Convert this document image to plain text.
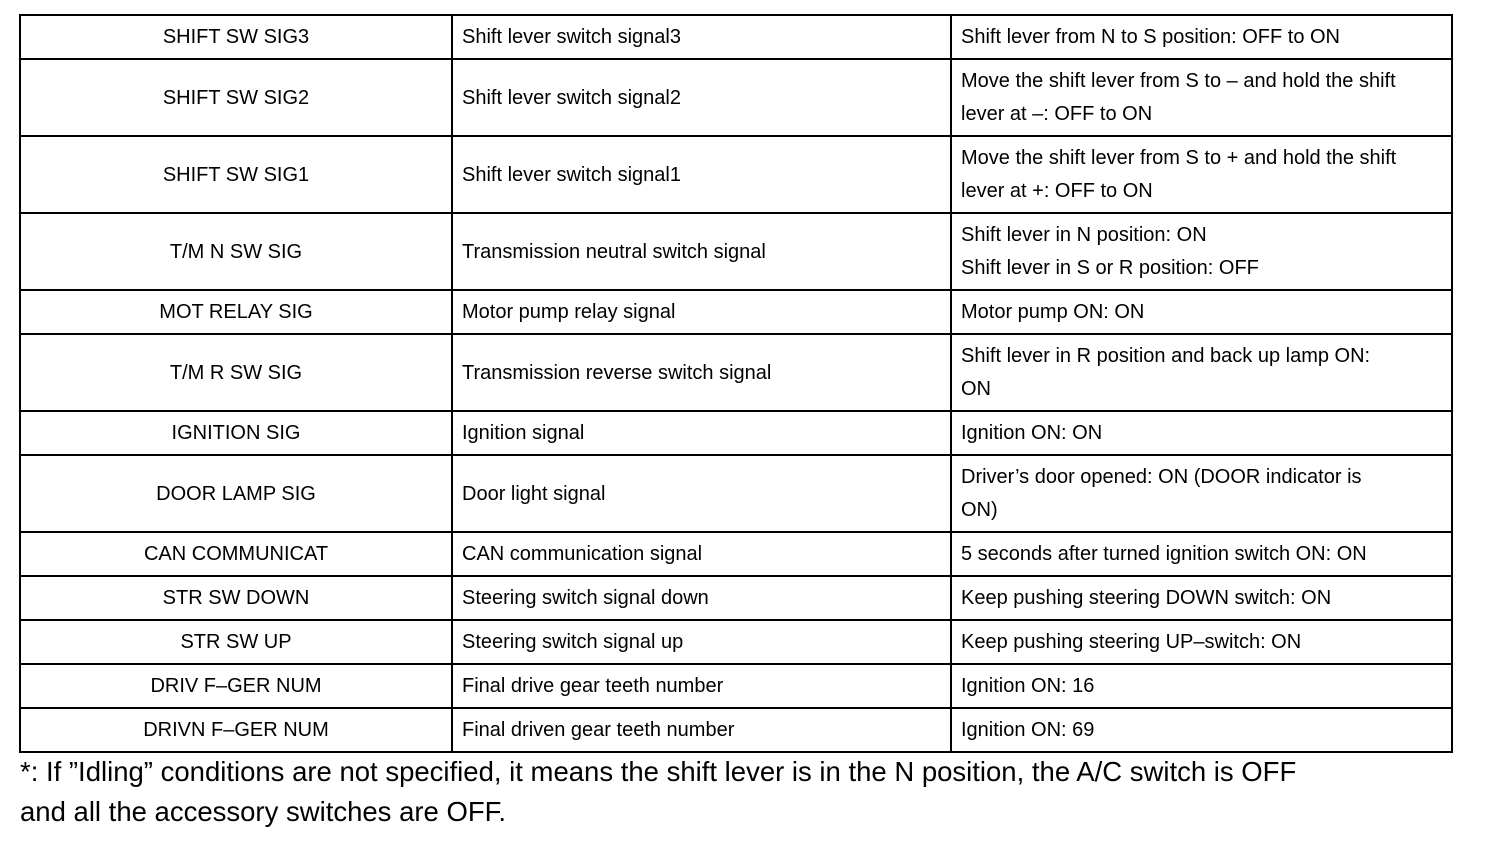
SHIFT SW SIG3	Shift lever switch signal3	Shift lever from N to S position: OFF to ON

SHIFT SW SIG2	Shift lever switch signal2	Move the shift lever from S to – and hold the shift
lever at –: OFF to ON

SHIFT SW SIG1	Shift lever switch signal1	Move the shift lever from S to + and hold the shift
lever at +: OFF to ON

T/M N SW SIG	Transmission neutral switch signal	Shift lever in N position: ON
Shift lever in S or R position: OFF

MOT RELAY SIG	Motor pump relay signal	Motor pump ON: ON

T/M R SW SIG	Transmission reverse switch signal	Shift lever in R position and back up lamp ON:
ON

IGNITION SIG	Ignition signal	Ignition ON: ON

DOOR LAMP SIG	Door light signal	Driver’s door opened: ON (DOOR indicator is
ON)

CAN COMMUNICAT	CAN communication signal	5 seconds after turned ignition switch ON: ON

STR SW DOWN	Steering switch signal down	Keep pushing steering DOWN switch: ON

STR SW UP	Steering switch signal up	Keep pushing steering UP–switch: ON

DRIV F–GER NUM	Final drive gear teeth number	Ignition ON: 16

DRIVN F–GER NUM	Final driven gear teeth number	Ignition ON: 69
*: If ”Idling” conditions are not specified, it means the shift lever is in the N position, the A/C switch is OFF
and all the accessory switches are OFF.
